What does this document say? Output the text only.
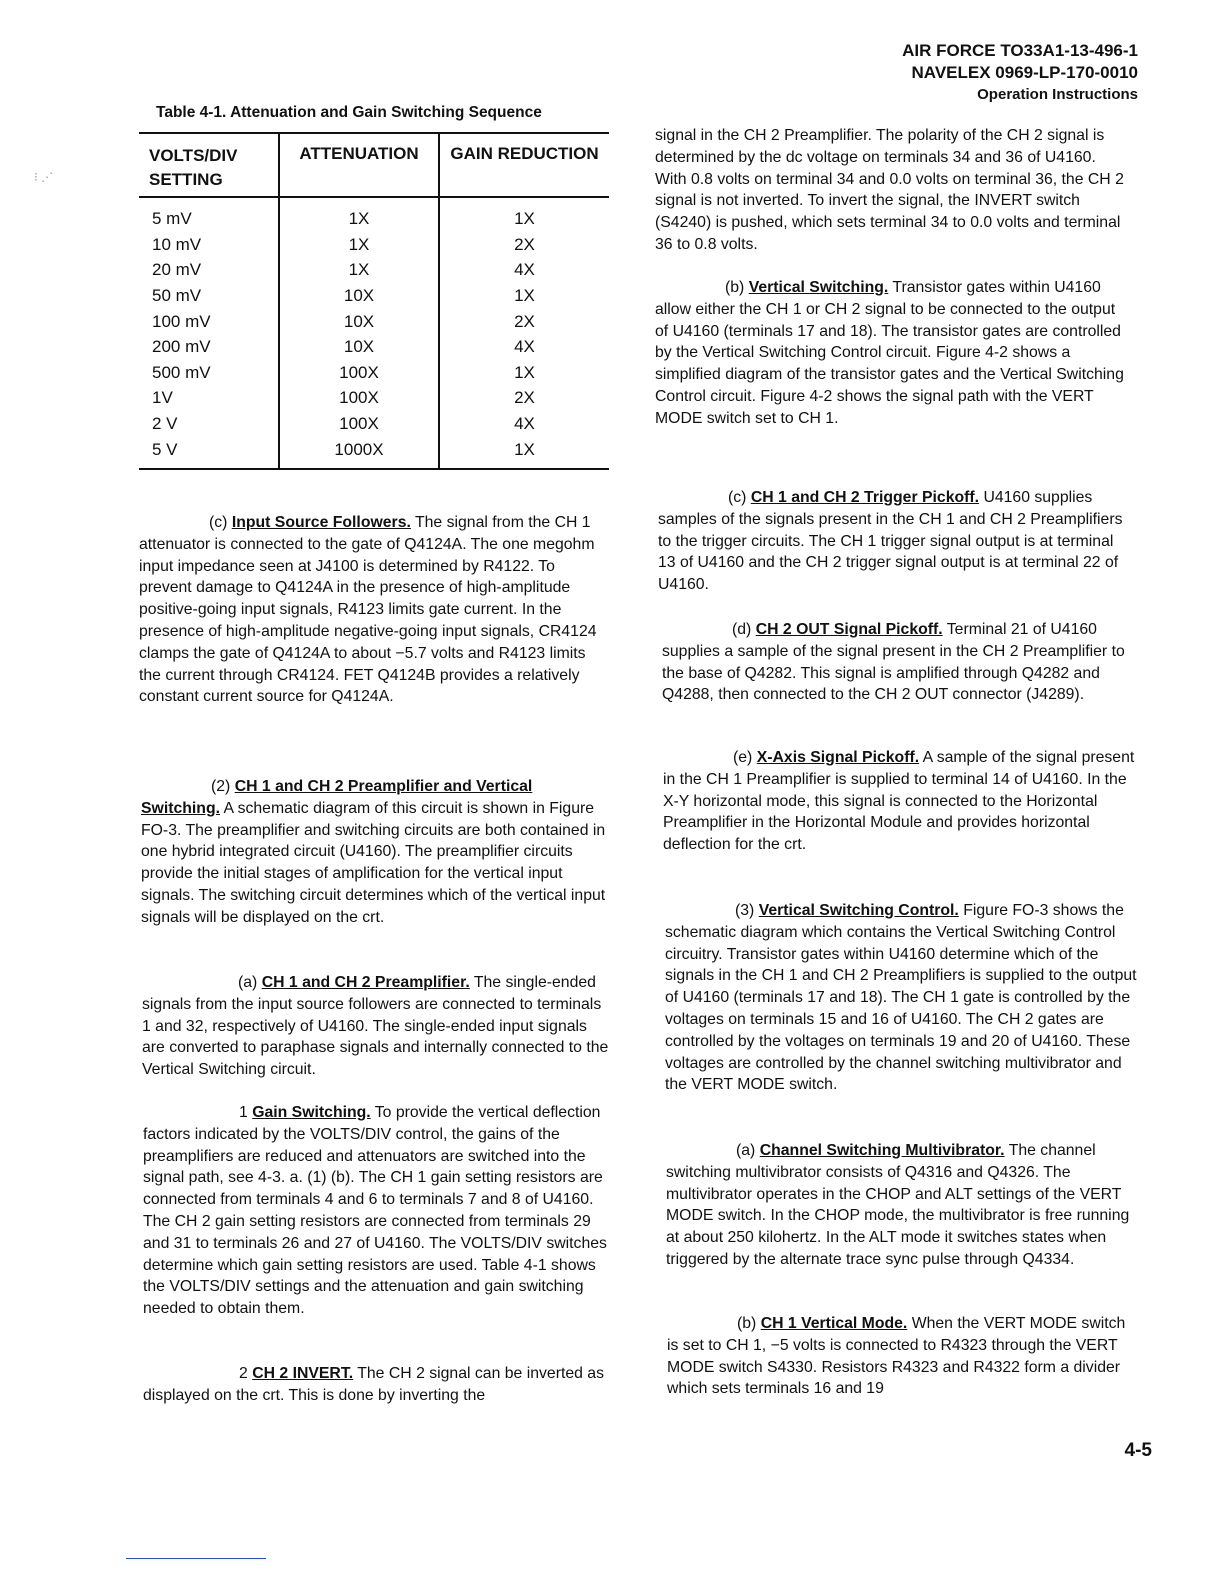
AIR FORCE TO33A1-13-496-1
NAVELEX 0969-LP-170-0010
Operation Instructions
⁝ ⋰
Table 4-1. Attenuation and Gain Switching Sequence
VOLTS/DIV SETTING	ATTENUATION	GAIN REDUCTION
5 mV	1X	1X
10 mV	1X	2X
20 mV	1X	4X
50 mV	10X	1X
100 mV	10X	2X
200 mV	10X	4X
500 mV	100X	1X
1V	100X	2X
2 V	100X	4X
5 V	1000X	1X

(c) Input Source Followers. The signal from the CH 1 attenuator is connected to the gate of Q4124A. The one megohm input impedance seen at J4100 is determined by R4122. To prevent damage to Q4124A in the presence of high-amplitude positive-going input signals, R4123 limits gate current. In the presence of high-amplitude negative-going input signals, CR4124 clamps the gate of Q4124A to about −5.7 volts and R4123 limits the current through CR4124. FET Q4124B provides a relatively constant current source for Q4124A.

(2) CH 1 and CH 2 Preamplifier and Vertical Switching. A schematic diagram of this circuit is shown in Figure FO-3. The preamplifier and switching circuits are both contained in one hybrid integrated circuit (U4160). The preamplifier circuits provide the initial stages of amplification for the vertical input signals. The switching circuit determines which of the vertical input signals will be displayed on the crt.

(a) CH 1 and CH 2 Preamplifier. The single-ended signals from the input source followers are connected to terminals 1 and 32, respectively of U4160. The single-ended input signals are converted to paraphase signals and internally connected to the Vertical Switching circuit.

1 Gain Switching. To provide the vertical deflection factors indicated by the VOLTS/DIV control, the gains of the preamplifiers are reduced and attenuators are switched into the signal path, see 4-3. a. (1) (b). The CH 1 gain setting resistors are connected from terminals 4 and 6 to terminals 7 and 8 of U4160. The CH 2 gain setting resistors are connected from terminals 29 and 31 to terminals 26 and 27 of U4160. The VOLTS/DIV switches determine which gain setting resistors are used. Table 4-1 shows the VOLTS/DIV settings and the attenuation and gain switching needed to obtain them.

2 CH 2 INVERT. The CH 2 signal can be inverted as displayed on the crt. This is done by inverting the

signal in the CH 2 Preamplifier. The polarity of the CH 2 signal is determined by the dc voltage on terminals 34 and 36 of U4160. With 0.8 volts on terminal 34 and 0.0 volts on terminal 36, the CH 2 signal is not inverted. To invert the signal, the INVERT switch (S4240) is pushed, which sets terminal 34 to 0.0 volts and terminal 36 to 0.8 volts.

(b) Vertical Switching. Transistor gates within U4160 allow either the CH 1 or CH 2 signal to be connected to the output of U4160 (terminals 17 and 18). The transistor gates are controlled by the Vertical Switching Control circuit. Figure 4-2 shows a simplified diagram of the transistor gates and the Vertical Switching Control circuit. Figure 4-2 shows the signal path with the VERT MODE switch set to CH 1.

(c) CH 1 and CH 2 Trigger Pickoff. U4160 supplies samples of the signals present in the CH 1 and CH 2 Preamplifiers to the trigger circuits. The CH 1 trigger signal output is at terminal 13 of U4160 and the CH 2 trigger signal output is at terminal 22 of U4160.

(d) CH 2 OUT Signal Pickoff. Terminal 21 of U4160 supplies a sample of the signal present in the CH 2 Preamplifier to the base of Q4282. This signal is amplified through Q4282 and Q4288, then connected to the CH 2 OUT connector (J4289).

(e) X-Axis Signal Pickoff. A sample of the signal present in the CH 1 Preamplifier is supplied to terminal 14 of U4160. In the X-Y horizontal mode, this signal is connected to the Horizontal Preamplifier in the Horizontal Module and provides horizontal deflection for the crt.

(3) Vertical Switching Control. Figure FO-3 shows the schematic diagram which contains the Vertical Switching Control circuitry. Transistor gates within U4160 determine which of the signals in the CH 1 and CH 2 Preamplifiers is supplied to the output of U4160 (terminals 17 and 18). The CH 1 gate is controlled by the voltages on terminals 15 and 16 of U4160. The CH 2 gates are controlled by the voltages on terminals 19 and 20 of U4160. These voltages are controlled by the channel switching multivibrator and the VERT MODE switch.

(a) Channel Switching Multivibrator. The channel switching multivibrator consists of Q4316 and Q4326. The multivibrator operates in the CHOP and ALT settings of the VERT MODE switch. In the CHOP mode, the multivibrator is free running at about 250 kilohertz. In the ALT mode it switches states when triggered by the alternate trace sync pulse through Q4334.

(b) CH 1 Vertical Mode. When the VERT MODE switch is set to CH 1, −5 volts is connected to R4323 through the VERT MODE switch S4330. Resistors R4323 and R4322 form a divider which sets terminals 16 and 19

4-5
